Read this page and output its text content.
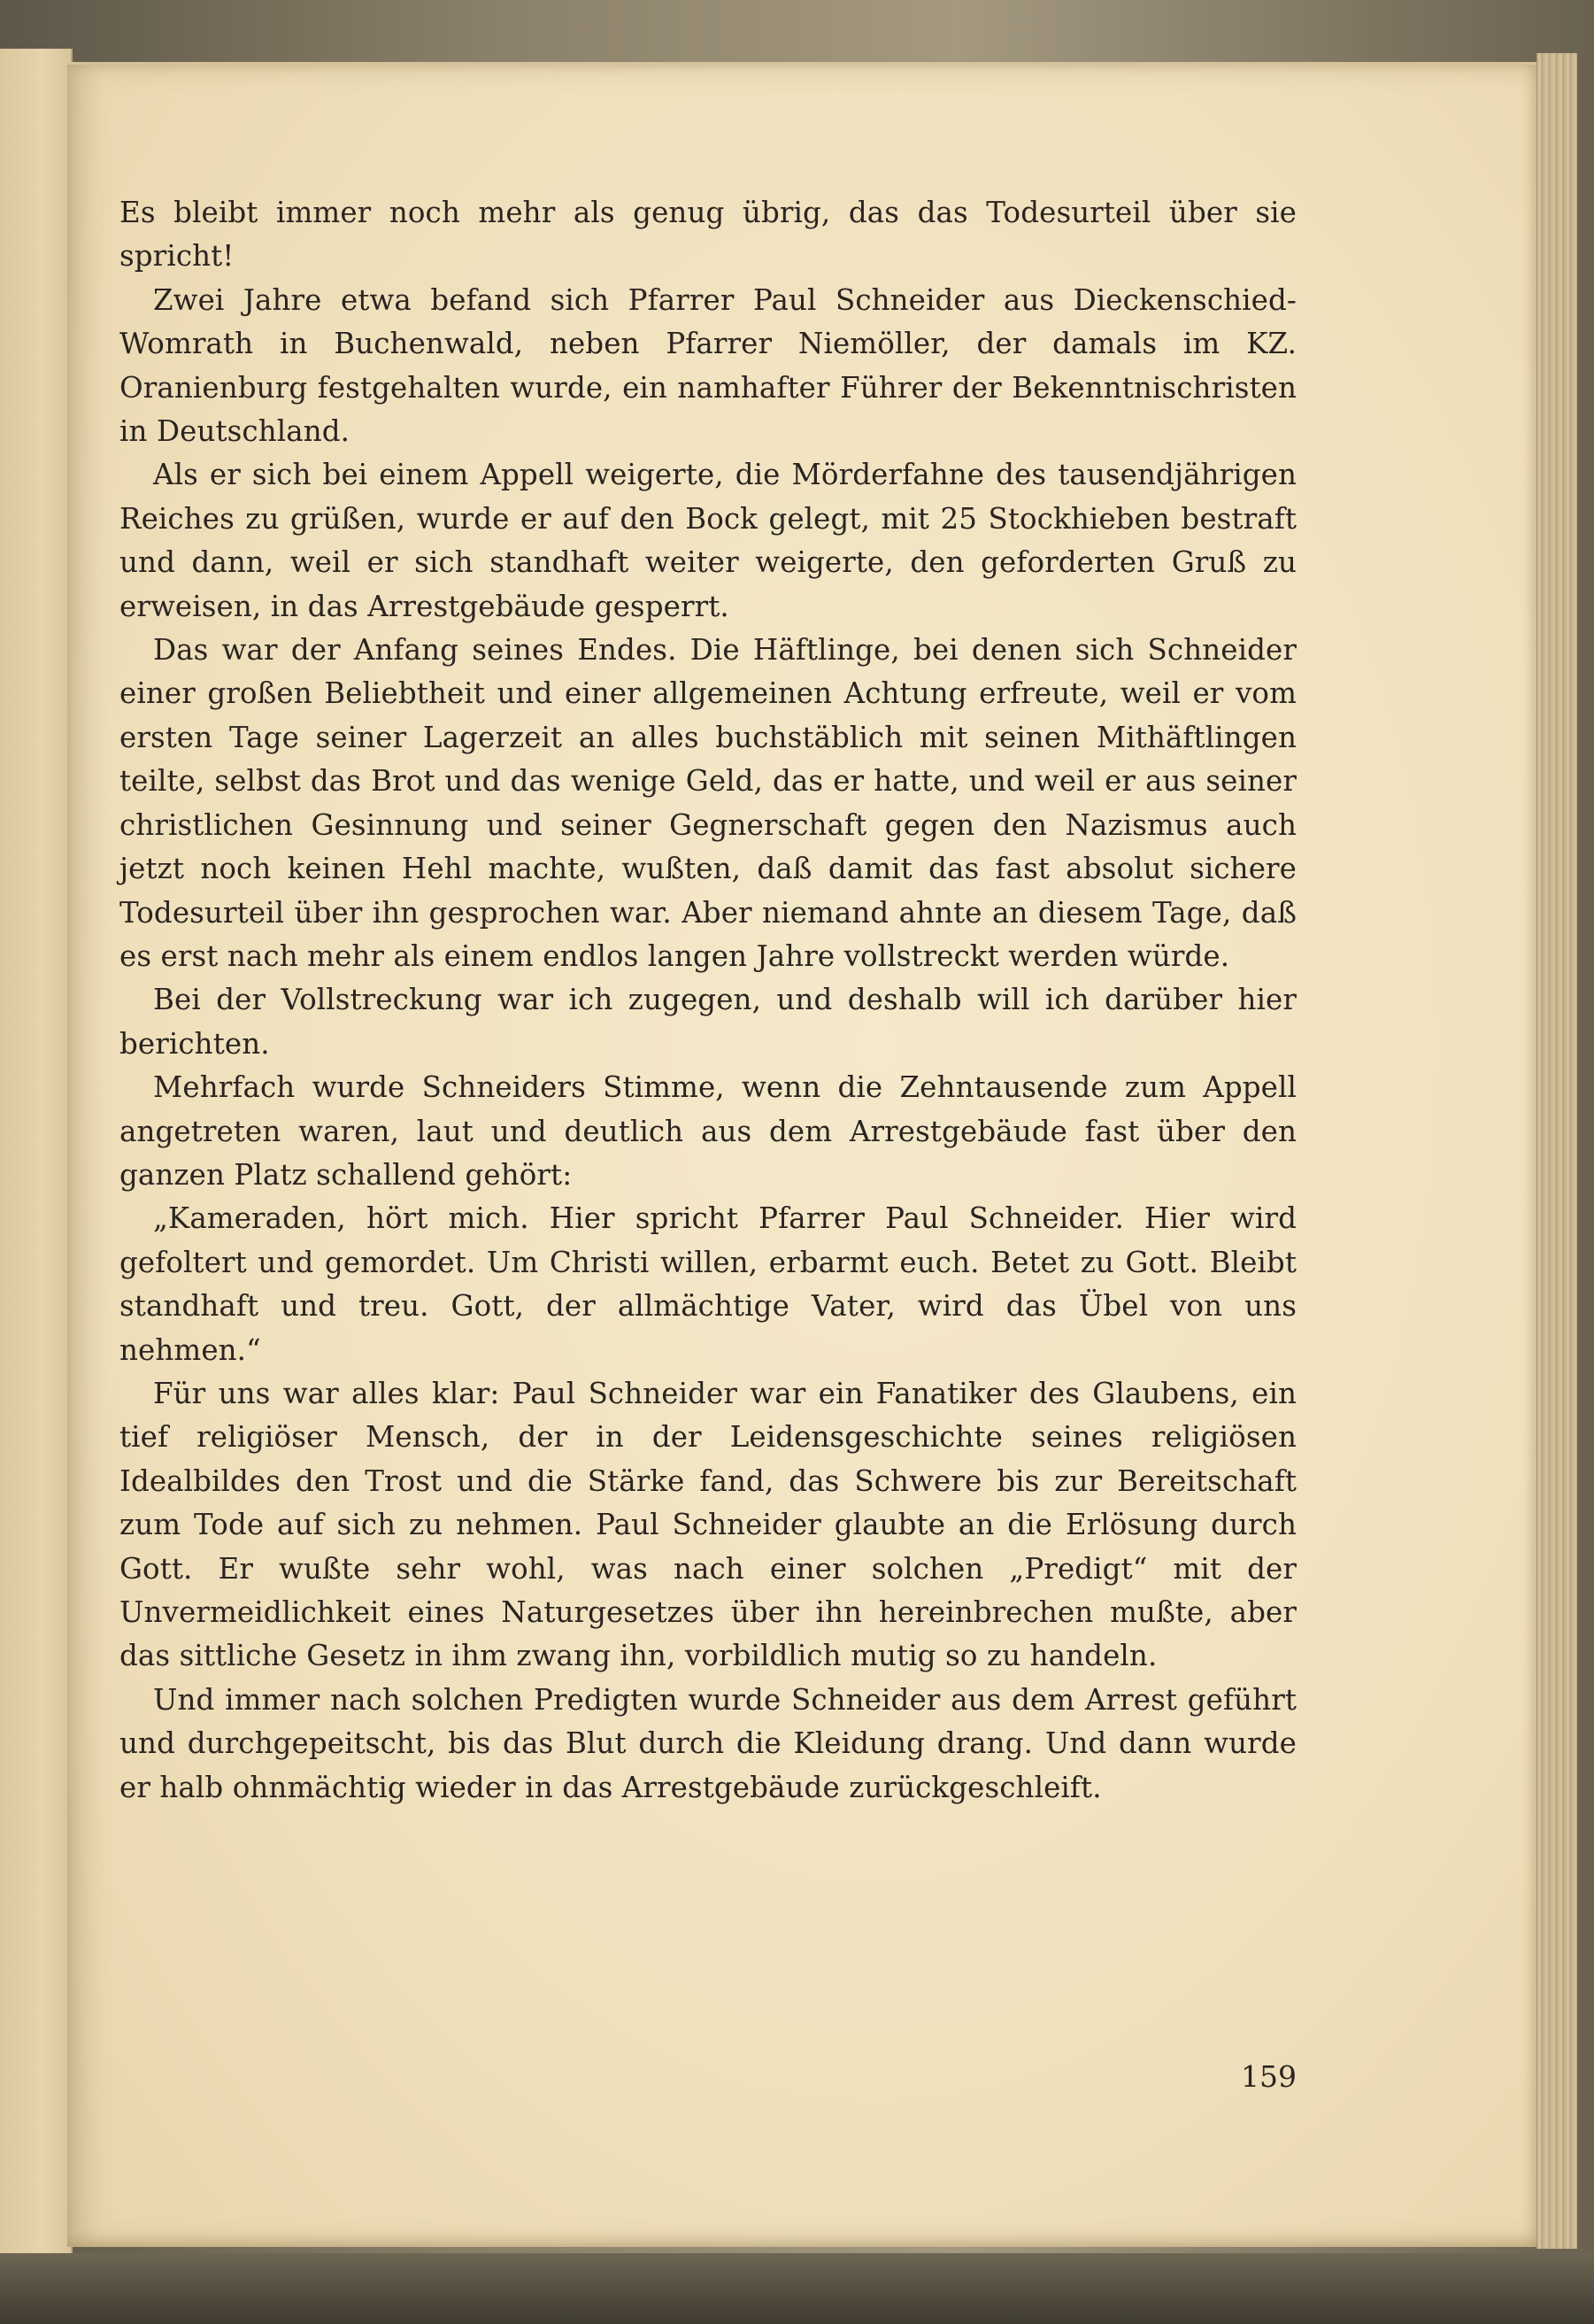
Es bleibt immer noch mehr als genug übrig, das das Todesurteil über sie spricht!

Zwei Jahre etwa befand sich Pfarrer Paul Schneider aus Dieckenschied-Womrath in Buchenwald, neben Pfarrer Niemöller, der damals im KZ. Oranienburg festgehalten wurde, ein namhafter Führer der Bekenntnischristen in Deutschland.

Als er sich bei einem Appell weigerte, die Mörderfahne des tausendjährigen Reiches zu grüßen, wurde er auf den Bock gelegt, mit 25 Stockhieben bestraft und dann, weil er sich standhaft weiter weigerte, den geforderten Gruß zu erweisen, in das Arrestgebäude gesperrt.

Das war der Anfang seines Endes. Die Häftlinge, bei denen sich Schneider einer großen Beliebtheit und einer allgemeinen Achtung erfreute, weil er vom ersten Tage seiner Lagerzeit an alles buchstäblich mit seinen Mithäftlingen teilte, selbst das Brot und das wenige Geld, das er hatte, und weil er aus seiner christlichen Gesinnung und seiner Gegnerschaft gegen den Nazismus auch jetzt noch keinen Hehl machte, wußten, daß damit das fast absolut sichere Todesurteil über ihn gesprochen war. Aber niemand ahnte an diesem Tage, daß es erst nach mehr als einem endlos langen Jahre vollstreckt werden würde.

Bei der Vollstreckung war ich zugegen, und deshalb will ich darüber hier berichten.

Mehrfach wurde Schneiders Stimme, wenn die Zehntausende zum Appell angetreten waren, laut und deutlich aus dem Arrestgebäude fast über den ganzen Platz schallend gehört:

„Kameraden, hört mich. Hier spricht Pfarrer Paul Schneider. Hier wird gefoltert und gemordet. Um Christi willen, erbarmt euch. Betet zu Gott. Bleibt standhaft und treu. Gott, der allmächtige Vater, wird das Übel von uns nehmen.“

Für uns war alles klar: Paul Schneider war ein Fanatiker des Glaubens, ein tief religiöser Mensch, der in der Leidensgeschichte seines religiösen Idealbildes den Trost und die Stärke fand, das Schwere bis zur Bereitschaft zum Tode auf sich zu nehmen. Paul Schneider glaubte an die Erlösung durch Gott. Er wußte sehr wohl, was nach einer solchen „Predigt“ mit der Unvermeidlichkeit eines Naturgesetzes über ihn hereinbrechen mußte, aber das sittliche Gesetz in ihm zwang ihn, vorbildlich mutig so zu handeln.

Und immer nach solchen Predigten wurde Schneider aus dem Arrest geführt und durchgepeitscht, bis das Blut durch die Kleidung drang. Und dann wurde er halb ohnmächtig wieder in das Arrestgebäude zurückgeschleift.

159
